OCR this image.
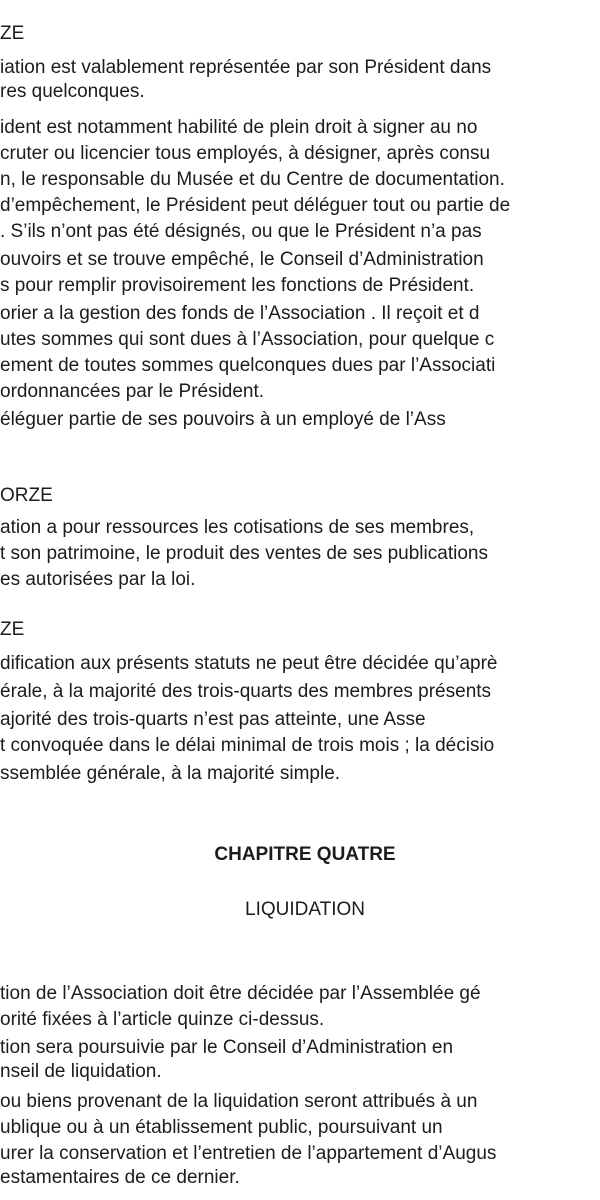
ZE
iation est valablement représentée par son Président dans
res quelconques.
ident est notamment habilité de plein droit à signer au no
cruter ou licencier tous employés, à désigner, après consu
n, le responsable du Musée et du Centre de documentation.
d’empêchement, le Président peut déléguer tout ou partie de
. S’ils n’ont pas été désignés, ou que le Président n’a pas
ouvoirs et se trouve empêché, le Conseil d’Administration
s pour remplir provisoirement les fonctions de Président.
orier a la gestion des fonds de l’Association . Il reçoit et d
utes sommes qui sont dues à l’Association, pour quelque c
ement de toutes sommes quelconques dues par l’Associati
ordonnancées par le Président.
éléguer partie de ses pouvoirs à un employé de l’Ass
ORZE
ation a pour ressources les cotisations de ses membres,
t son patrimoine, le produit des ventes de ses publications
es autorisées par la loi.
ZE
dification aux présents statuts ne peut être décidée qu’aprè
érale, à la majorité des trois-quarts des membres présents
ajorité des trois-quarts n’est pas atteinte, une Asse
t convoquée dans le délai minimal de trois mois ; la décisio
ssemblée générale, à la majorité simple.
CHAPITRE QUATRE
LIQUIDATION
tion de l’Association doit être décidée par l’Assemblée gé
orité fixées à l’article quinze ci-dessus.
tion sera poursuivie par le Conseil d’Administration en
nseil de liquidation.
ou biens provenant de la liquidation seront attribués à un
ublique ou à un établissement public, poursuivant un
urer la conservation et l’entretien de l’appartement d’Augus
estamentaires de ce dernier.
